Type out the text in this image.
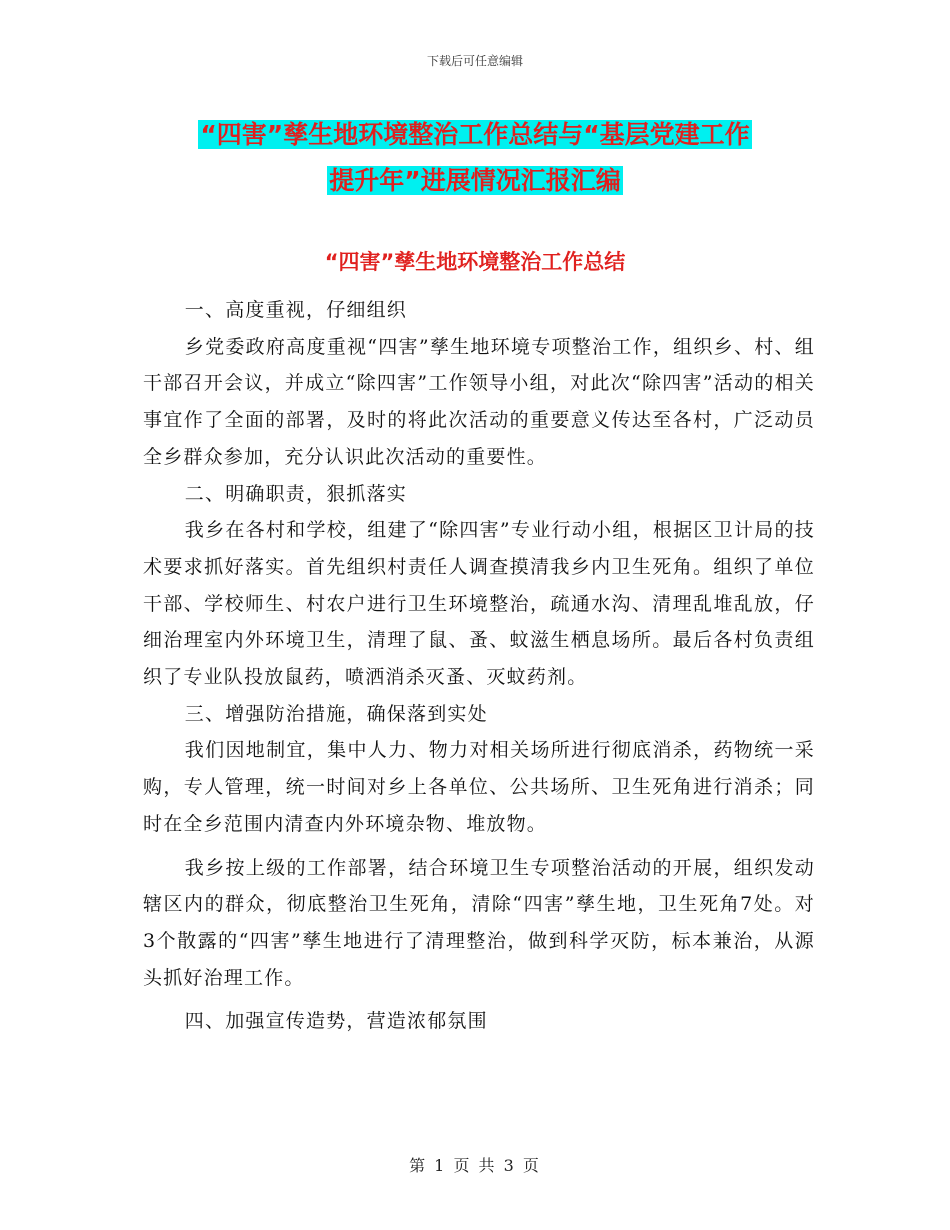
下载后可任意编辑
“四害”孳生地环境整治工作总结与“基层党建工作
提升年”进展情况汇报汇编
“四害”孳生地环境整治工作总结

一、高度重视，仔细组织

乡党委政府高度重视“四害”孳生地环境专项整治工作，组织乡、村、组干部召开会议，并成立“除四害”工作领导小组，对此次“除四害”活动的相关事宜作了全面的部署，及时的将此次活动的重要意义传达至各村，广泛动员全乡群众参加，充分认识此次活动的重要性。

二、明确职责，狠抓落实

我乡在各村和学校，组建了“除四害”专业行动小组，根据区卫计局的技术要求抓好落实。首先组织村责任人调查摸清我乡内卫生死角。组织了单位干部、学校师生、村农户进行卫生环境整治，疏通水沟、清理乱堆乱放，仔细治理室内外环境卫生，清理了鼠、蚤、蚊滋生栖息场所。最后各村负责组织了专业队投放鼠药，喷洒消杀灭蚤、灭蚊药剂。

三、增强防治措施，确保落到实处

我们因地制宜，集中人力、物力对相关场所进行彻底消杀，药物统一采购，专人管理，统一时间对乡上各单位、公共场所、卫生死角进行消杀；同时在全乡范围内清查内外环境杂物、堆放物。

我乡按上级的工作部署，结合环境卫生专项整治活动的开展，组织发动辖区内的群众，彻底整治卫生死角，清除“四害”孳生地，卫生死角7处。对3个散露的“四害”孳生地进行了清理整治，做到科学灭防，标本兼治，从源头抓好治理工作。

四、加强宣传造势，营造浓郁氛围

第 1 页 共 3 页
